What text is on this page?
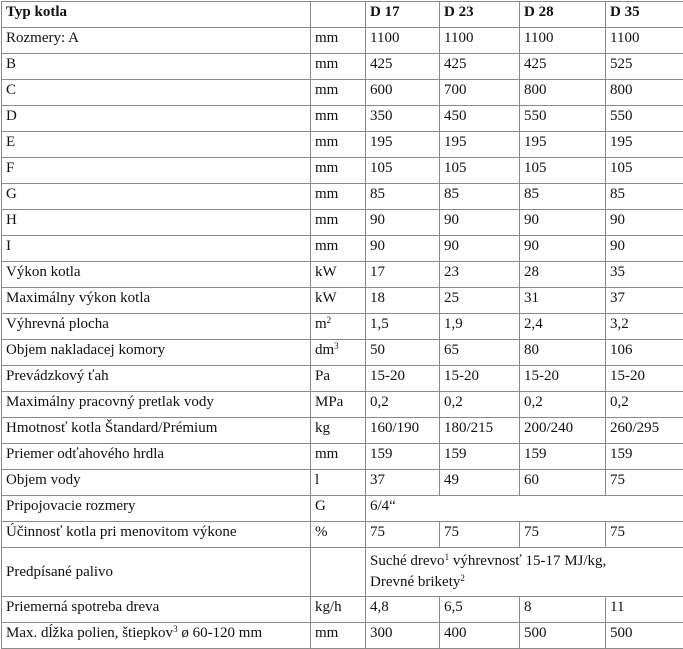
Typ kotla		D 17	D 23	D 28	D 35
Rozmery: A	mm	1100	1100	1100	1100
B	mm	425	425	425	525
C	mm	600	700	800	800
D	mm	350	450	550	550
E	mm	195	195	195	195
F	mm	105	105	105	105
G	mm	85	85	85	85
H	mm	90	90	90	90
I	mm	90	90	90	90
Výkon kotla	kW	17	23	28	35
Maximálny výkon kotla	kW	18	25	31	37
Výhrevná plocha	$m^2$	1,5	1,9	2,4	3,2
Objem nakladacej komory	$dm^3$	50	65	80	106
Prevádzkový ťah	Pa	15-20	15-20	15-20	15-20
Maximálny pracovný pretlak vody	MPa	0,2	0,2	0,2	0,2
Hmotnosť kotla Štandard/Prémium	kg	160/190	180/215	200/240	260/295
Priemer odťahového hrdla	mm	159	159	159	159
Objem vody	l	37	49	60	75
Pripojovacie rozmery	G	6/4“			
Účinnosť kotla pri menovitom výkone	%	75	75	75	75
Predpísané palivo		Suché drevo$^1$ výhrevnosť 15-17 MJ/kg,
Drevné brikety$^2$
Priemerná spotreba dreva	kg/h	4,8	6,5	8	11
Max. dĺžka polien, štiepkov$^3$ ø 60-120 mm	mm	300	400	500	500
